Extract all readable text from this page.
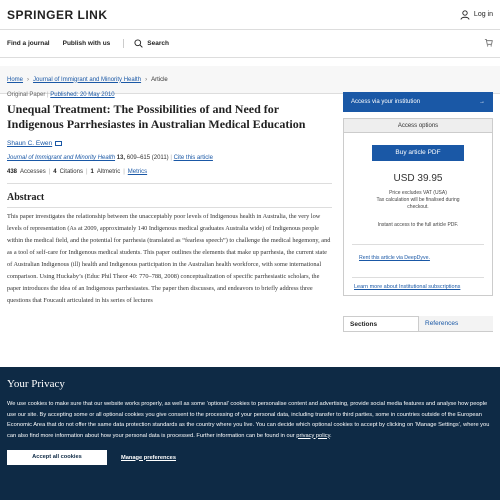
SPRINGER LINK	Log in
Find a journal Publish with us	Search
Home › Journal of Immigrant and Minority Health › Article
Original Paper | Published: 20 May 2010
Unequal Treatment: The Possibilities of and Need for Indigenous Parrhesiastes in Australian Medical Education
Shaun C. Ewen
Journal of Immigrant and Minority Health 13, 609–615 (2011) | Cite this article
438 Accesses | 4 Citations | 1 Altmetric | Metrics
Abstract

This paper investigates the relationship between the unacceptably poor levels of Indigenous health in Australia, the very low levels of representation (As at 2009, approximately 140 Indigenous medical graduates Australia wide) of Indigenous people within the medical field, and the potential for parrhesia (translated as “fearless speech”) to challenge the medical hegemony, and as a tool of self-care for Indigenous medical students. This paper outlines the elements that make up parrhesia, the current state of Australian Indigenous (ill) health and Indigenous participation in the Australian health workforce, with some international comparison. Using Huckaby’s (Educ Phil Theor 40: 770–788, 2008) conceptualization of specific parrhesiastic scholars, the paper introduces the idea of an Indigenous parrhesiastes. The paper then discusses, and endeavors to briefly address three questions that Foucault articulated in his series of lectures

Access via your institution	→
Access options
Buy article PDF
USD 39.95
Price excludes VAT (USA)
Tax calculation will be finalised during
checkout.
Instant access to the full article PDF.
Rent this article via DeepDyve.
Learn more about Institutional subscriptions
Sections	References
Your Privacy

We use cookies to make sure that our website works properly, as well as some ‘optional’ cookies to personalise content and advertising, provide social media features and analyse how people use our site. By accepting some or all optional cookies you give consent to the processing of your personal data, including transfer to third parties, some in countries outside of the European Economic Area that do not offer the same data protection standards as the country where you live. You can decide which optional cookies to accept by clicking on ‘Manage Settings’, where you can also find more information about how your personal data is processed. Further information can be found in our privacy policy.

Accept all cookies	Manage preferences
